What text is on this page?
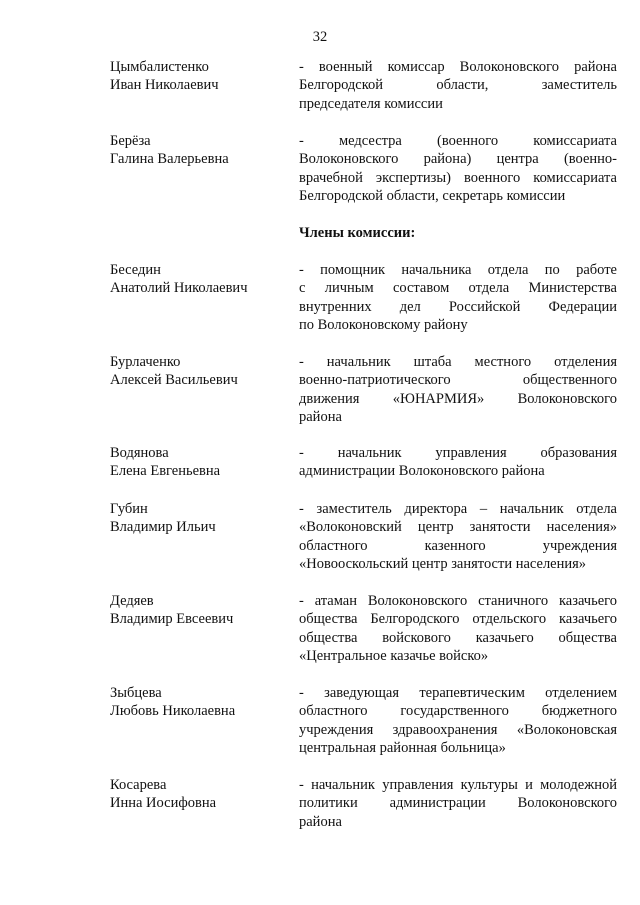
32
Цымбалистенко
Иван Николаевич
- военный комиссар Волоконовского района
Белгородской области, заместитель
председателя комиссии
Берёза
Галина Валерьевна
- медсестра (военного комиссариата
Волоконовского района) центра (военно-
врачебной экспертизы) военного комиссариата
Белгородской области, секретарь комиссии
Члены комиссии:
Беседин
Анатолий Николаевич
- помощник начальника отдела по работе
с личным составом отдела Министерства
внутренних дел Российской Федерации
по Волоконовскому району
Бурлаченко
Алексей Васильевич
- начальник штаба местного отделения
военно-патриотического общественного
движения «ЮНАРМИЯ» Волоконовского
района
Водянова
Елена Евгеньевна
- начальник управления образования
администрации Волоконовского района
Губин
Владимир Ильич
- заместитель директора – начальник отдела
«Волоконовский центр занятости населения»
областного казенного учреждения
«Новооскольский центр занятости населения»
Дедяев
Владимир Евсеевич
- атаман Волоконовского станичного казачьего
общества Белгородского отдельского казачьего
общества войскового казачьего общества
«Центральное казачье войско»
Зыбцева
Любовь Николаевна
- заведующая терапевтическим отделением
областного государственного бюджетного
учреждения здравоохранения «Волоконовская
центральная районная больница»
Косарева
Инна Иосифовна
- начальник управления культуры и молодежной
политики администрации Волоконовского
района
